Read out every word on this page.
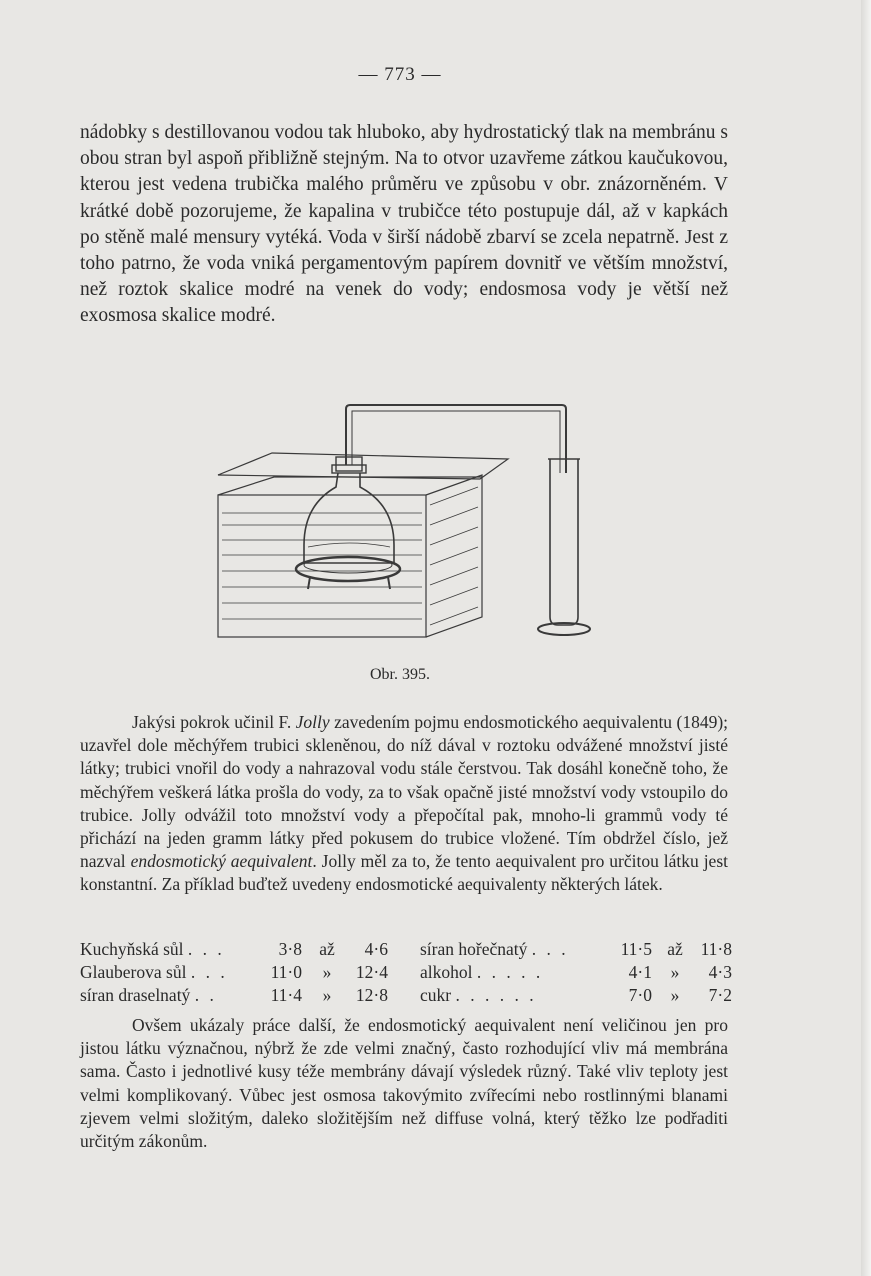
— 773 —

nádobky s destillovanou vodou tak hluboko, aby hydrostatický tlak na membránu s obou stran byl aspoň přibližně stejným. Na to otvor uzavřeme zátkou kaučukovou, kterou jest vedena trubička malého průměru ve způsobu v obr. znázorněném. V krátké době pozorujeme, že kapalina v trubičce této postupuje dál, až v kapkách po stěně malé mensury vytéká. Voda v širší nádobě zbarví se zcela nepatrně. Jest z toho patrno, že voda vniká pergamentovým papírem dovnitř ve větším množství, než roztok skalice modré na venek do vody; endosmosa vody je větší než exosmosa skalice modré.

Obr. 395.

Jakýsi pokrok učinil F. Jolly zavedením pojmu endosmotického aequivalentu (1849); uzavřel dole měchýřem trubici skleněnou, do níž dával v roztoku odvážené množství jisté látky; trubici vnořil do vody a nahrazoval vodu stále čerstvou. Tak dosáhl konečně toho, že měchýřem veškerá látka prošla do vody, za to však opačně jisté množství vody vstoupilo do trubice. Jolly odvážil toto množství vody a přepočítal pak, mnoho-li grammů vody té přichází na jeden gramm látky před pokusem do trubice vložené. Tím obdržel číslo, jež nazval endosmotický aequivalent. Jolly měl za to, že tento aequivalent pro určitou látku jest konstantní. Za příklad buďtež uvedeny endosmotické aequivalenty některých látek.

Kuchyňská sůl . . .	3·8 až	4·6 síran hořečnatý . . .	11·5 až	11·8
Glauberova sůl . . . 11·0	»	12·4 alkohol . . . . .	4·1	»	4·3
síran draselnatý . .	11·4	»	12·8 cukr . . . . . .	7·0	»	7·2

Ovšem ukázaly práce další, že endosmotický aequivalent není veličinou jen pro jistou látku význačnou, nýbrž že zde velmi značný, často rozhodující vliv má membrána sama. Často i jednotlivé kusy téže membrány dávají výsledek různý. Také vliv teploty jest velmi komplikovaný. Vůbec jest osmosa takovýmito zvířecími nebo rostlinnými blanami zjevem velmi složitým, daleko složitějším než diffuse volná, který těžko lze podřaditi určitým zákonům.
